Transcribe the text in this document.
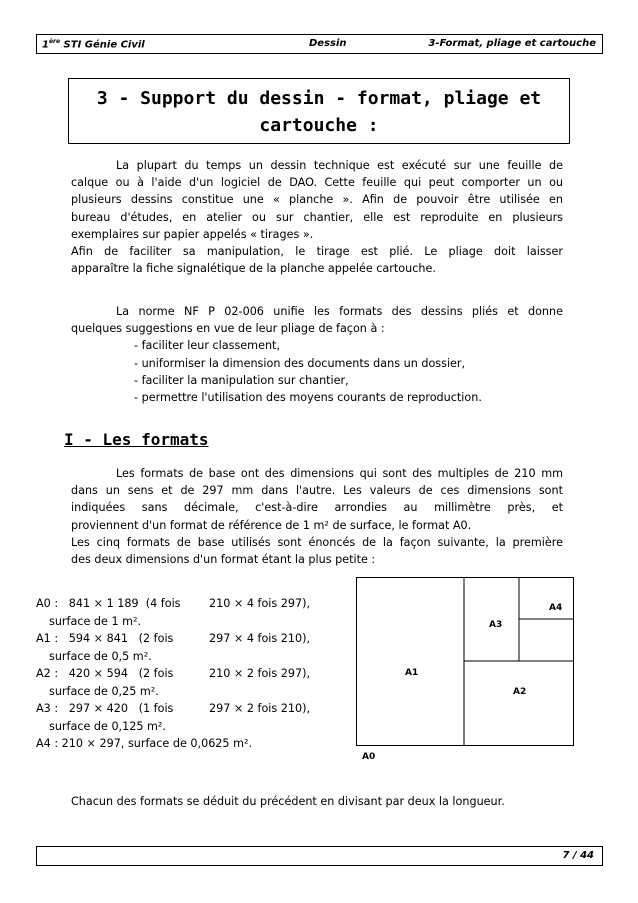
1ère STI Génie Civil	Dessin	3-Format, pliage et cartouche
3 - Support du dessin - format, pliage et
cartouche :
La plupart du temps un dessin technique est exécuté sur une feuille de
calque ou à l'aide d'un logiciel de DAO. Cette feuille qui peut comporter un ou
plusieurs dessins constitue une « planche ». Afin de pouvoir être utilisée en
bureau d'études, en atelier ou sur chantier, elle est reproduite en plusieurs
exemplaires sur papier appelés « tirages ».
Afin de faciliter sa manipulation, le tirage est plié. Le pliage doit laisser
apparaître la fiche signalétique de la planche appelée cartouche.
La norme NF P 02-006 unifie les formats des dessins pliés et donne
quelques suggestions en vue de leur pliage de façon à :
- faciliter leur classement,
- uniformiser la dimension des documents dans un dossier,
- faciliter la manipulation sur chantier,
- permettre l'utilisation des moyens courants de reproduction.
I - Les formats
Les formats de base ont des dimensions qui sont des multiples de 210 mm
dans un sens et de 297 mm dans l'autre. Les valeurs de ces dimensions sont
indiquées sans décimale, c'est-à-dire arrondies au millimètre près, et
proviennent d'un format de référence de 1 m² de surface, le format A0.
Les cinq formats de base utilisés sont énoncés de la façon suivante, la première
des deux dimensions d'un format étant la plus petite :
A0 :   841 × 1 189  (4 fois	210 × 4 fois 297),
surface de 1 m².
A1 :   594 × 841   (2 fois	297 × 4 fois 210),
surface de 0,5 m².
A2 :   420 × 594   (2 fois	210 × 2 fois 297),
surface de 0,25 m².
A3 :   297 × 420   (1 fois	297 × 2 fois 210),
surface de 0,125 m².
A4 : 210 × 297, surface de 0,0625 m².
A0
A1
A2
A3
A4
Chacun des formats se déduit du précédent en divisant par deux la longueur.
7 / 44
